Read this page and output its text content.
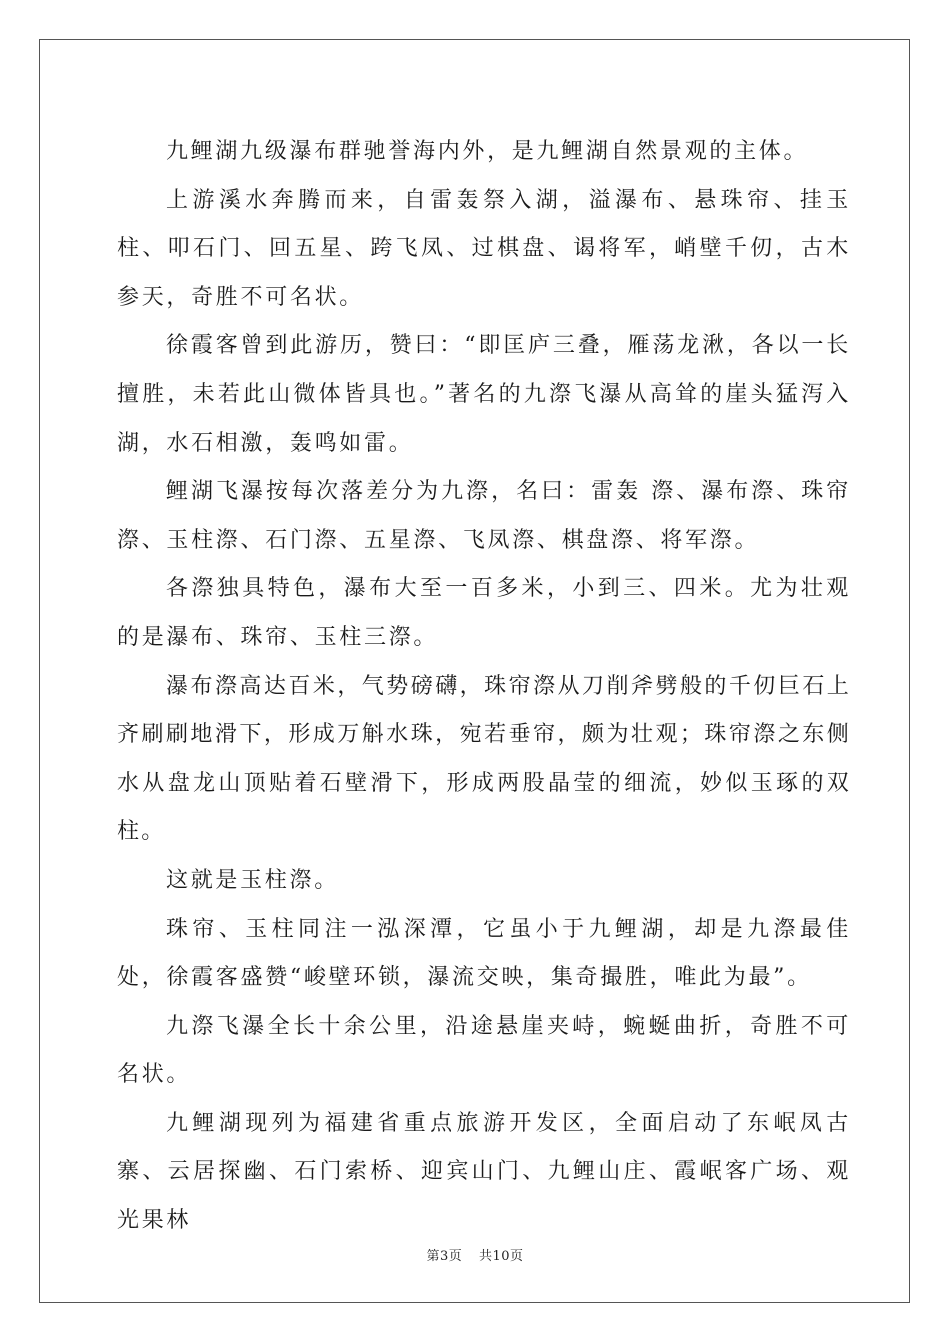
九鲤湖九级瀑布群驰誉海内外，是九鲤湖自然景观的主体。

上游溪水奔腾而来，自雷轰祭入湖，溢瀑布、悬珠帘、挂玉柱、叩石门、回五星、跨飞凤、过棋盘、谒将军，峭壁千仞，古木参天，奇胜不可名状。

徐霞客曾到此游历，赞曰：“即匡庐三叠，雁荡龙湫，各以一长擅胜，未若此山微体皆具也。”著名的九漈飞瀑从高耸的崖头猛泻入湖，水石相激，轰鸣如雷。

鲤湖飞瀑按每次落差分为九漈，名曰：雷轰 漈、瀑布漈、珠帘漈、玉柱漈、石门漈、五星漈、飞凤漈、棋盘漈、将军漈。

各漈独具特色，瀑布大至一百多米，小到三、四米。尤为壮观的是瀑布、珠帘、玉柱三漈。

瀑布漈高达百米，气势磅礴，珠帘漈从刀削斧劈般的千仞巨石上齐刷刷地滑下，形成万斛水珠，宛若垂帘，颇为壮观；珠帘漈之东侧水从盘龙山顶贴着石壁滑下，形成两股晶莹的细流，妙似玉琢的双柱。

这就是玉柱漈。

珠帘、玉柱同注一泓深潭，它虽小于九鲤湖，却是九漈最佳处，徐霞客盛赞“峻壁环锁，瀑流交映，集奇撮胜，唯此为最”。

九漈飞瀑全长十余公里，沿途悬崖夹峙，蜿蜒曲折，奇胜不可名状。

九鲤湖现列为福建省重点旅游开发区，全面启动了东岷凤古寨、云居探幽、石门索桥、迎宾山门、九鲤山庄、霞岷客广场、观光果林

第3页 共10页
